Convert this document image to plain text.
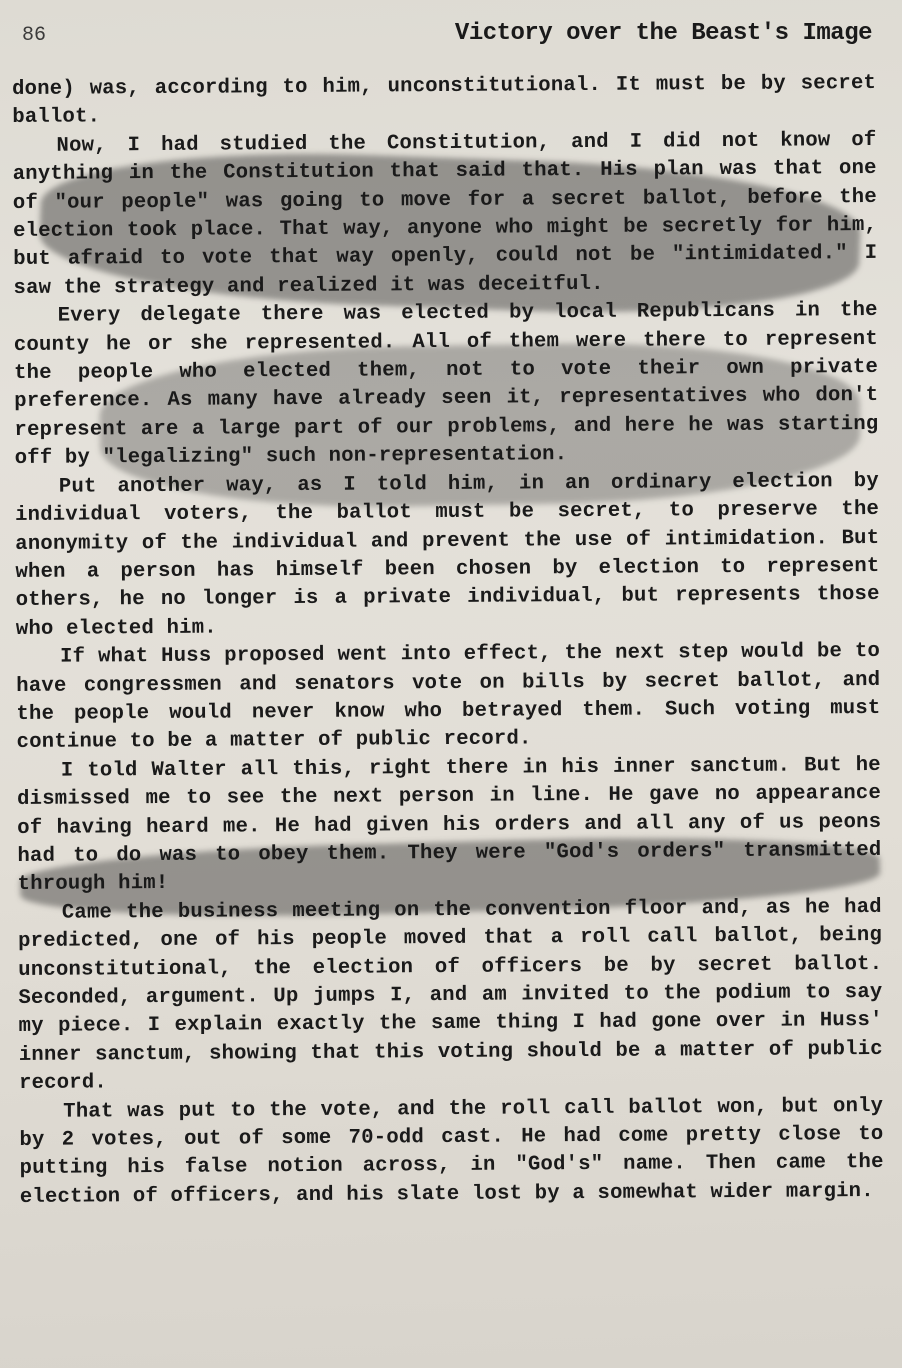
86	Victory over the Beast's Image

done) was, according to him, unconstitutional. It must be by secret ballot.

Now, I had studied the Constitution, and I did not know of anything in the Constitution that said that. His plan was that one of "our people" was going to move for a secret ballot, before the election took place. That way, anyone who might be secretly for him, but afraid to vote that way openly, could not be "intimidated." I saw the strategy and realized it was deceitful.

Every delegate there was elected by local Republicans in the county he or she represented. All of them were there to represent the people who elected them, not to vote their own private preference. As many have already seen it, representatives who don't represent are a large part of our problems, and here he was starting off by "legalizing" such non-representation.

Put another way, as I told him, in an ordinary election by individual voters, the ballot must be secret, to preserve the anonymity of the individual and prevent the use of intimidation. But when a person has himself been chosen by election to represent others, he no longer is a private individual, but represents those who elected him.

If what Huss proposed went into effect, the next step would be to have congressmen and senators vote on bills by secret ballot, and the people would never know who betrayed them. Such voting must continue to be a matter of public record.

I told Walter all this, right there in his inner sanctum. But he dismissed me to see the next person in line. He gave no appearance of having heard me. He had given his orders and all any of us peons had to do was to obey them. They were "God's orders" transmitted through him!

Came the business meeting on the convention floor and, as he had predicted, one of his people moved that a roll call ballot, being unconstitutional, the election of officers be by secret ballot. Seconded, argument. Up jumps I, and am invited to the podium to say my piece. I explain exactly the same thing I had gone over in Huss' inner sanctum, showing that this voting should be a matter of public record.

That was put to the vote, and the roll call ballot won, but only by 2 votes, out of some 70-odd cast. He had come pretty close to putting his false notion across, in "God's" name. Then came the election of officers, and his slate lost by a somewhat wider margin.
